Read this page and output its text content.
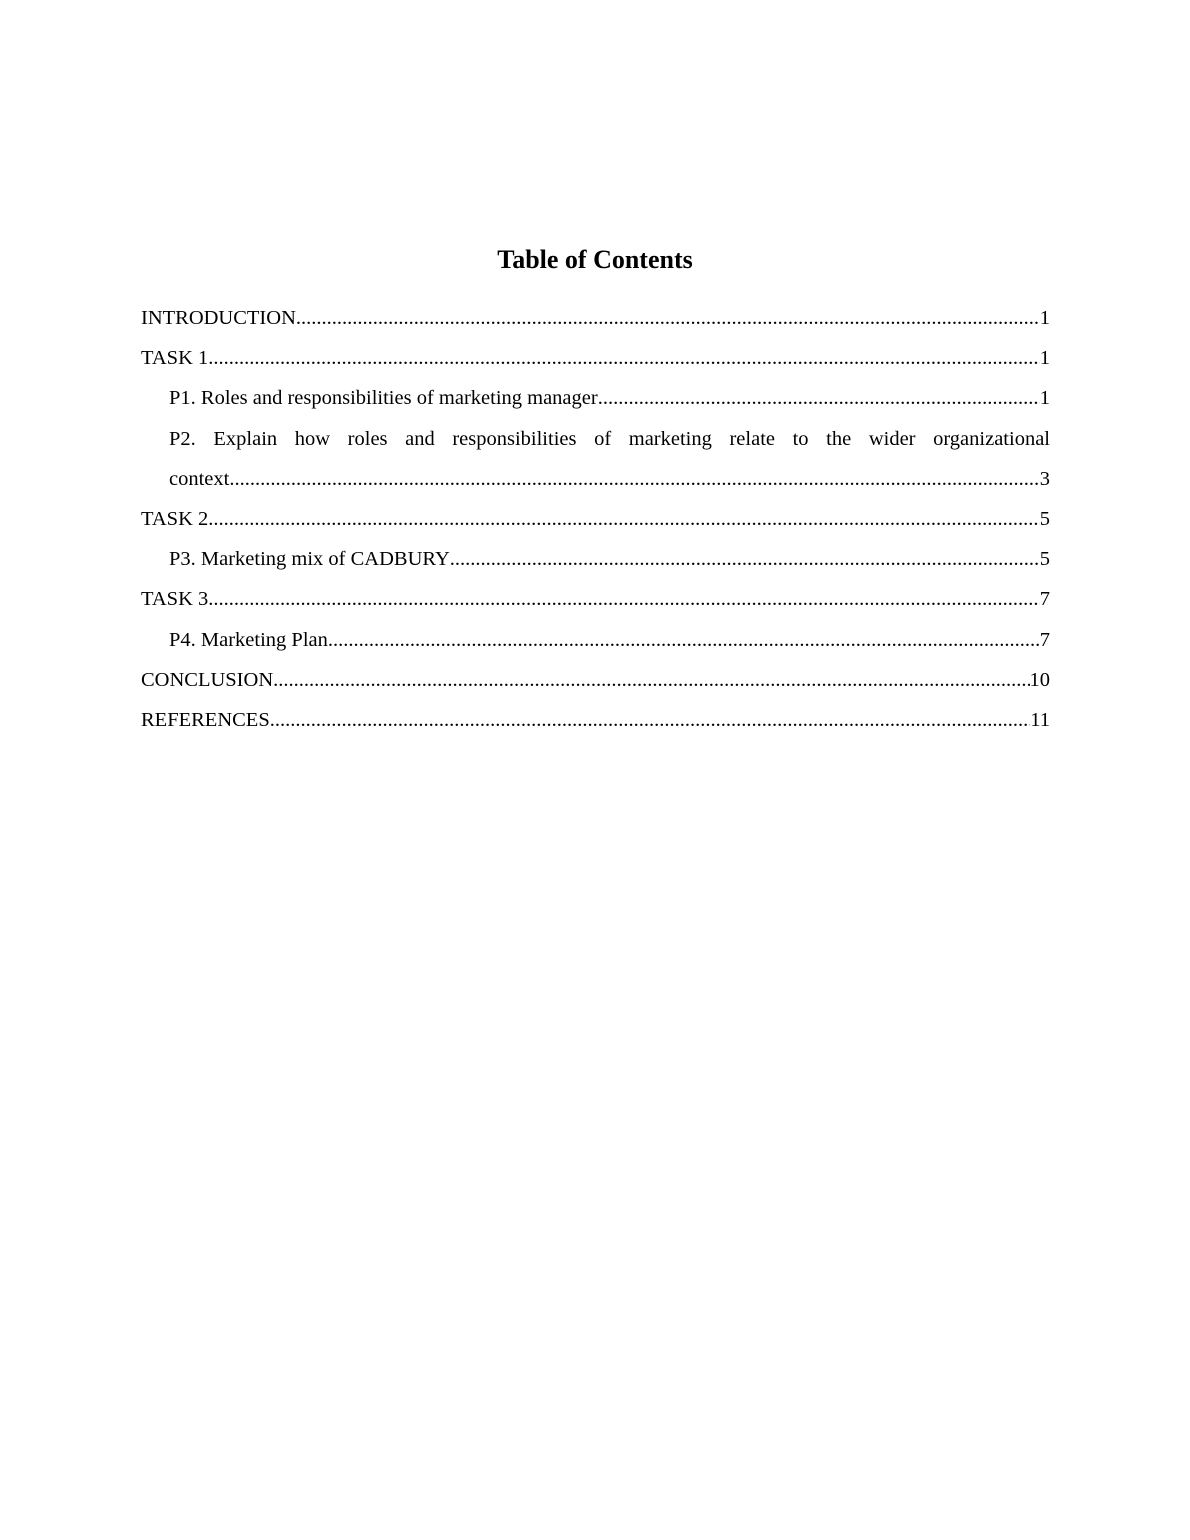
Table of Contents
INTRODUCTION .....	1
TASK 1 .....	1
P1. Roles and responsibilities of marketing manager .....	1
P2. Explain how roles and responsibilities of marketing relate to the wider organizational
context .....	3
TASK 2 .....	5
P3. Marketing mix of CADBURY .....	5
TASK 3 .....	7
P4. Marketing Plan .....	7
CONCLUSION .....	10
REFERENCES .....	11
